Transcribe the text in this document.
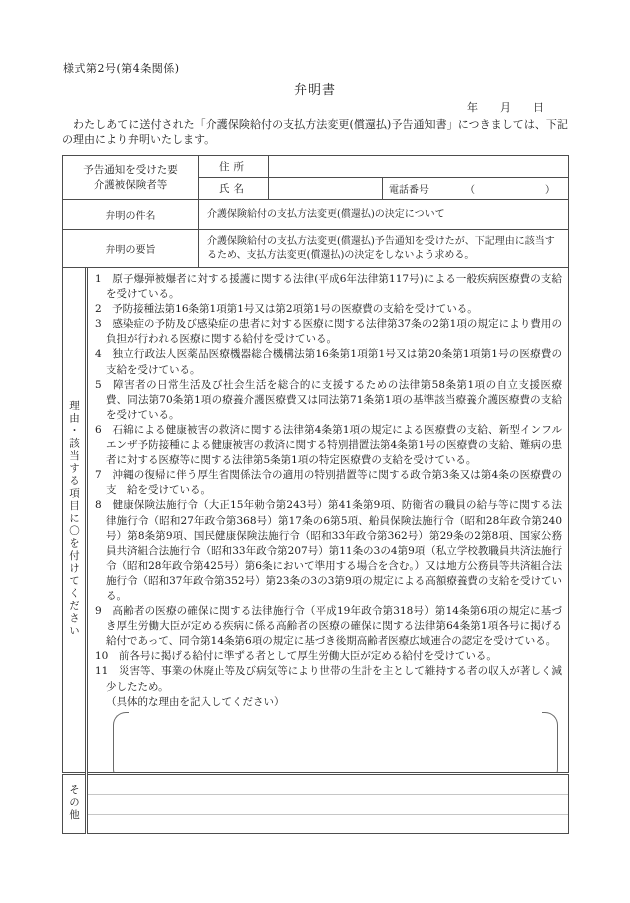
様式第2号(第4条関係)
弁明書
年　　月　　日

　わたしあてに送付された「介護保険給付の支払方法変更(償還払)予告通知書」につきましては、下記の理由により弁明いたします。

予告通知を受けた要
介護被保険者等	住所		
	氏名		電話番号 （　　　　）
弁明の件名	介護保険給付の支払方法変更(償還払)の決定について		
弁明の要旨	介護保険給付の支払方法変更(償還払)予告通知を受けたが、下記理由に該当するため、支払方法変更(償還払)の決定をしないよう求める。		
理由・該当する項目に〇を付けてください	
1　原子爆弾被爆者に対する援護に関する法律(平成6年法律第117号)による一般疾病医療費の支給を受けている。
2　予防接種法第16条第1項第1号又は第2項第1号の医療費の支給を受けている。
3　感染症の予防及び感染症の患者に対する医療に関する法律第37条の2第1項の規定により費用の負担が行われる医療に関する給付を受けている。
4　独立行政法人医薬品医療機器総合機構法第16条第1項第1号又は第20条第1項第1号の医療費の支給を受けている。
5　障害者の日常生活及び社会生活を総合的に支援するための法律第58条第1項の自立支援医療費、同法第70条第1項の療養介護医療費又は同法第71条第1項の基準該当療養介護医療費の支給を受けている。
6　石綿による健康被害の救済に関する法律第4条第1項の規定による医療費の支給、新型インフルエンザ予防接種による健康被害の救済に関する特別措置法第4条第1号の医療費の支給、難病の患者に対する医療等に関する法律第5条第1項の特定医療費の支給を受けている。
7　沖縄の復帰に伴う厚生省関係法令の適用の特別措置等に関する政令第3条又は第4条の医療費の支　給を受けている。
8　健康保険法施行令（大正15年勅令第243号）第41条第9項、防衛省の職員の給与等に関する法律施行令（昭和27年政令第368号）第17条の6第5項、船員保険法施行令（昭和28年政令第240号）第8条第9項、国民健康保険法施行令（昭和33年政令第362号）第29条の2第8項、国家公務員共済組合法施行令（昭和33年政令第207号）第11条の3の4第9項（私立学校教職員共済法施行令（昭和28年政令第425号）第6条において準用する場合を含む。）又は地方公務員等共済組合法施行令（昭和37年政令第352号）第23条の3の3第9項の規定による高額療養費の支給を受けている。
9　高齢者の医療の確保に関する法律施行令（平成19年政令第318号）第14条第6項の規定に基づき厚生労働大臣が定める疾病に係る高齢者の医療の確保に関する法律第64条第1項各号に掲げる給付であって、同令第14条第6項の規定に基づき後期高齢者医療広域連合の認定を受けている。
10　前各号に掲げる給付に準ずる者として厚生労働大臣が定める給付を受けている。
11　災害等、事業の休廃止等及び病気等により世帯の生計を主として維持する者の収入が著しく減少したため。
（具体的な理由を記入してください）

その他	
